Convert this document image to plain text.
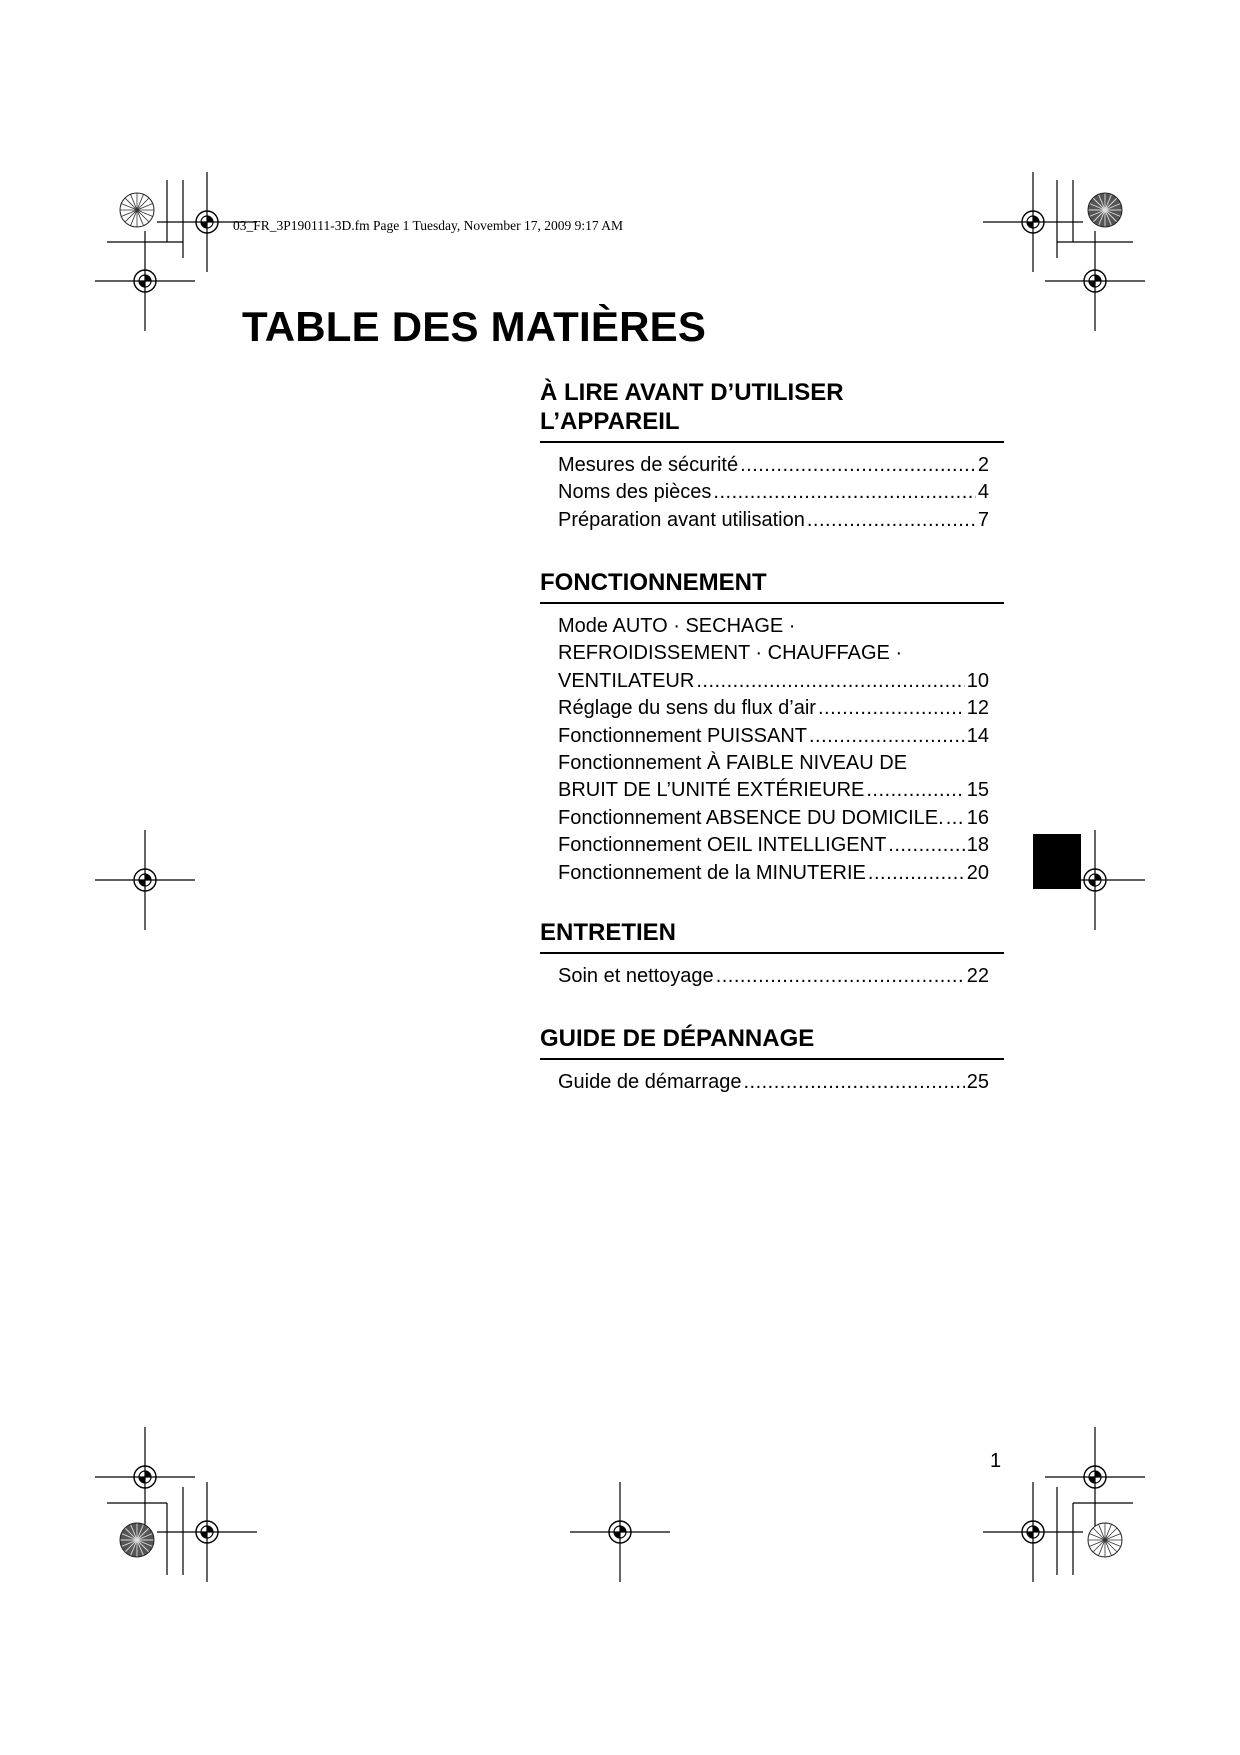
03_FR_3P190111-3D.fm Page 1 Tuesday, November 17, 2009 9:17 AM
TABLE DES MATIÈRES
À LIRE AVANT D’UTILISER
L’APPAREIL
Mesures de sécurité .....	2
Noms des pièces .....	4
Préparation avant utilisation .....	7
FONCTIONNEMENT
Mode AUTO · SECHAGE ·
REFROIDISSEMENT · CHAUFFAGE ·
VENTILATEUR .....	10
Réglage du sens du flux d’air .....	12
Fonctionnement PUISSANT .....	14
Fonctionnement À FAIBLE NIVEAU DE
BRUIT DE L’UNITÉ EXTÉRIEURE .....	15
Fonctionnement ABSENCE DU DOMICILE. ..... 16
Fonctionnement OEIL INTELLIGENT .....	18
Fonctionnement de la MINUTERIE .....	20
ENTRETIEN
Soin et nettoyage .....	22
GUIDE DE DÉPANNAGE
Guide de démarrage .....	25
1
